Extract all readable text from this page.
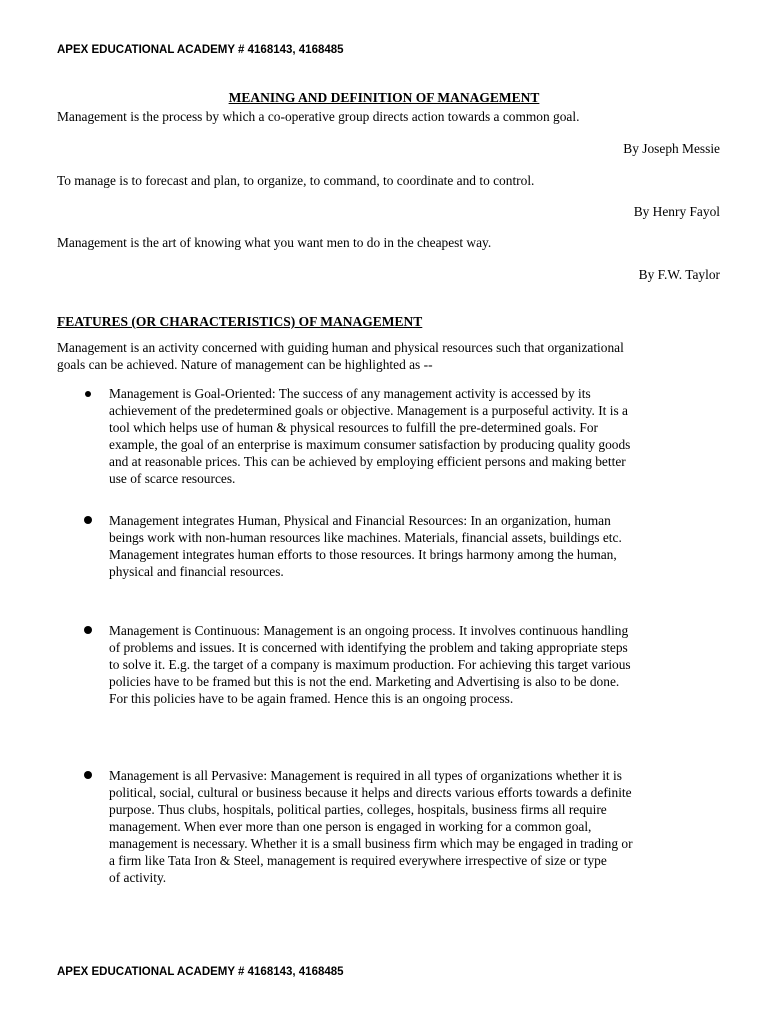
APEX EDUCATIONAL ACADEMY # 4168143, 4168485
MEANING AND DEFINITION OF MANAGEMENT
Management is the process by which a co-operative group directs action towards a common goal.
By Joseph Messie
To manage is to forecast and plan, to organize, to command, to coordinate and to control.
By Henry Fayol
Management is the art of knowing what you want men to do in the cheapest way.
By F.W. Taylor
FEATURES (OR CHARACTERISTICS) OF MANAGEMENT
Management is an activity concerned with guiding human and physical resources such that organizational
goals can be achieved. Nature of management can be highlighted as --
Management is Goal-Oriented: The success of any management activity is accessed by its
achievement of the predetermined goals or objective. Management is a purposeful activity. It is a
tool which helps use of human & physical resources to fulfill the pre-determined goals. For
example, the goal of an enterprise is maximum consumer satisfaction by producing quality goods
and at reasonable prices. This can be achieved by employing efficient persons and making better
use of scarce resources.
Management integrates Human, Physical and Financial Resources: In an organization, human
beings work with non-human resources like machines. Materials, financial assets, buildings etc.
Management integrates human efforts to those resources. It brings harmony among the human,
physical and financial resources.
Management is Continuous: Management is an ongoing process. It involves continuous handling
of problems and issues. It is concerned with identifying the problem and taking appropriate steps
to solve it. E.g. the target of a company is maximum production. For achieving this target various
policies have to be framed but this is not the end. Marketing and Advertising is also to be done.
For this policies have to be again framed. Hence this is an ongoing process.
Management is all Pervasive: Management is required in all types of organizations whether it is
political, social, cultural or business because it helps and directs various efforts towards a definite
purpose. Thus clubs, hospitals, political parties, colleges, hospitals, business firms all require
management. When ever more than one person is engaged in working for a common goal,
management is necessary. Whether it is a small business firm which may be engaged in trading or
a firm like Tata Iron & Steel, management is required everywhere irrespective of size or type
of activity.
APEX EDUCATIONAL ACADEMY # 4168143, 4168485
